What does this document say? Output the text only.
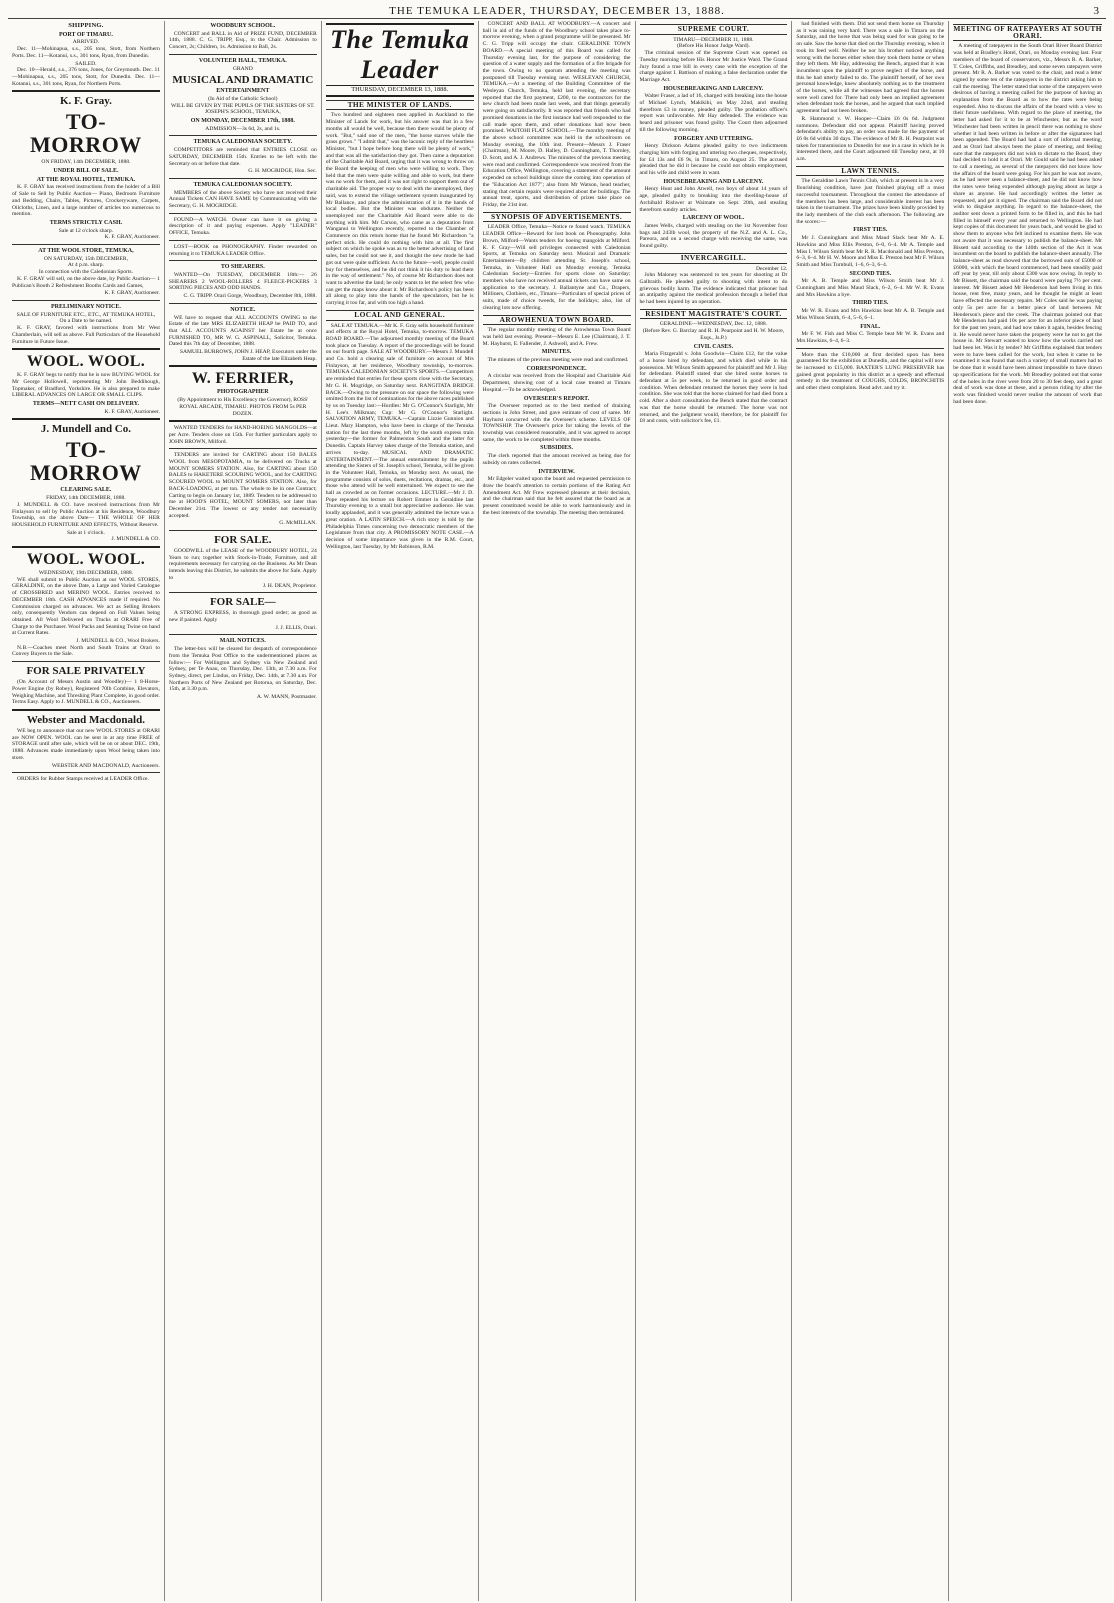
THE TEMUKA LEADER, THURSDAY, DECEMBER 13, 1888.	3
SHIPPING.
PORT OF TIMARU.
ARRIVED.
Dec. 11—Mohinapua, s.s., 205 tons, Stott, from Northern Ports. Dec. 11—Kotanui, s.s., 301 tons, Ryan, from Dunedin.
SAILED.
Dec. 10—Herald, s.s., 376 tons, Jones, for Greymouth. Dec. 11—Mohinapua, s.s., 205 tons, Stott, for Dunedin. Dec. 11—Kotanui, s.s., 301 tons, Ryan, for Northern Ports.
K. F. Gray.
TO-MORROW
ON FRIDAY, 14th DECEMBER, 1888.
UNDER BILL OF SALE.
AT THE ROYAL HOTEL, TEMUKA.
K. F. GRAY has received instructions from the holder of a Bill of Sale to Sell by Public Auction— Piano, Bedroom Furniture and Bedding, Chairs, Tables, Pictures, Crockeryware, Carpets, Oilcloths, Linen, and a large number of articles too numerous to mention.
TERMS STRICTLY CASH.
Sale at 12 o'clock sharp.
K. F. GRAY, Auctioneer.
AT THE WOOL STORE, TEMUKA,
ON SATURDAY, 15th DECEMBER,
At 4 p.m. sharp.
In connection with the Caledonian Sports.
K. F. GRAY will sell, on the above date, by Public Auction— 1 Publican's Booth 2 Refreshment Booths Cards and Games,
K. F. GRAY, Auctioneer.
PRELIMINARY NOTICE.
SALE OF FURNITURE ETC., ETC., AT TEMUKA HOTEL,
On a Date to be named.
K. F. GRAY, favored with instructions from Mr West Chamberlain, will sell as above. Full Particulars of the Household Furniture in Future Issue.
WOOL. WOOL.
K. F. GRAY begs to notify that he is now BUYING WOOL for Mr George Hollowell, representing Mr John Beddihough, Topmaker, of Bradford, Yorkshire. He is also prepared to make LIBERAL ADVANCES ON LARGE OR SMALL CLIPS.
TERMS—NETT CASH ON DELIVERY.
K. F. GRAY, Auctioneer.
J. Mundell and Co.
TO-MORROW
CLEARING SALE.
FRIDAY, 14th DECEMBER, 1888.
J. MUNDELL & CO. have received instructions from Mr Finlayson to sell by Public Auction at his Residence, Woodbury Township, on the above Date— THE WHOLE OF HER HOUSEHOLD FURNITURE AND EFFECTS, Without Reserve.
Sale at 1 o'clock.
J. MUNDELL & CO.
WOOL. WOOL.
WEDNESDAY, 19th DECEMBER, 1888.
WE shall submit to Public Auction at our WOOL STORES, GERALDINE, on the above Date, a Large and Varied Catalogue of CROSSBRED and MERINO WOOL. Entries received to DECEMBER 18th. CASH ADVANCES made if required. No Commission charged on advances. We act as Selling Brokers only, consequently Vendors can depend on Full Values being obtained. All Wool Delivered on Trucks at ORARI Free of Charge to the Purchaser. Wool Packs and Seaming Twine on hand at Current Rates.
J. MUNDELL & CO., Wool Brokers.
N.B.—Coaches meet North and South Trains at Orari to Convey Buyers to the Sale.
FOR SALE PRIVATELY
(On Account of Messrs Austin and Woodley)— 1 8-Horse-Power Engine (by Robey), Registered 70lb Combine, Elevators, Weighing Machine, and Threshing Plant Complete, in good order. Terms Easy. Apply to J. MUNDELL & CO., Auctioneers.
Webster and Macdonald.
WE beg to announce that our new WOOL STORES at ORARI are NOW OPEN. WOOL can be sent in at any time FREE of STORAGE until after sale, which will be on or about DEC. 19th, 1888. Advances made immediately upon Wool being taken into store.
WEBSTER AND MACDONALD, Auctioneers.
ORDERS for Rubber Stamps received at LEADER Office.
WOODBURY SCHOOL.
CONCERT and BALL in Aid of PRIZE FUND, DECEMBER 14th, 1888. C. G. TRIPP, Esq., in the Chair. Admission to Concert, 2s; Children, 1s. Admission to Ball, 2s.
VOLUNTEER HALL, TEMUKA.
GRAND
MUSICAL AND DRAMATIC
ENTERTAINMENT
(In Aid of the Catholic School)
WILL BE GIVEN BY THE PUPILS OF THE SISTERS OF ST. JOSEPH'S SCHOOL, TEMUKA,
ON MONDAY, DECEMBER 17th, 1888.
ADMISSION—3s 6d, 2s, and 1s.
TEMUKA CALEDONIAN SOCIETY.
COMPETITORS are reminded that ENTRIES CLOSE on SATURDAY, DECEMBER 15th. Entries to be left with the Secretary on or before that date.
G. H. MOGRIDGE, Hon. Sec.
TEMUKA CALEDONIAN SOCIETY.
MEMBERS of the above Society who have not received their Annual Tickets CAN HAVE SAME by Communicating with the Secretary, G. H. MOGRIDGE.
FOUND—A WATCH. Owner can have it on giving a description of it and paying expenses. Apply "LEADER" OFFICE, Temuka.
LOST—BOOK on PHONOGRAPHY. Finder rewarded on returning it to TEMUKA LEADER Office.
TO SHEARERS.
WANTED—On TUESDAY, DECEMBER 18th:— 26 SHEARERS 2 WOOL-ROLLERS 4 FLEECE-PICKERS 3 SORTING PIECES AND ODD HANDS.
C. G. TRIPP. Orari Gorge, Woodbury, December 8th, 1888.
NOTICE.
WE have to request that ALL ACCOUNTS OWING to the Estate of the late MRS ELIZABETH HEAP be PAID TO, and that ALL ACCOUNTS AGAINST her Estate be at once FURNISHED TO, MR W. G. ASPINALL, Solicitor, Temuka. Dated this 7th day of December, 1888.
SAMUEL BURROWS, JOHN J. HEAP, Executors under the Estate of the late Elizabeth Heap.
W. FERRIER,
PHOTOGRAPHER
(By Appointment to His Excellency the Governor), ROSS' ROYAL ARCADE, TIMARU. PHOTOS FROM 5s PER DOZEN.
WANTED TENDERS for HAND-HOEING MANGOLDS—at per Acre. Tenders close on 15th. For further particulars apply to JOHN BROWN, Milford.
TENDERS are invited for CARTING about 150 BALES WOOL from MESOPOTAMIA, to be delivered on Trucks at MOUNT SOMERS STATION. Also, for CARTING about 150 BALES to HAKETERE SCOURING WOOL, and for CARTING SCOURED WOOL to MOUNT SOMERS STATION. Also, for BACK-LOADING, at per ton. The whole to be in one Contract; Carting to begin on January 1st, 1889. Tenders to be addressed to me at HOOD'S HOTEL, MOUNT SOMERS, not later than December 21st. The lowest or any tender not necessarily accepted.
G. McMILLAN.
FOR SALE.
GOODWILL of the LEASE of the WOODBURY HOTEL, 24 Years to run; together with Stock-in-Trade, Furniture, and all requirements necessary for carrying on the Business. As Mr Dean intends leaving this District, he submits the above for Sale. Apply to
J. H. DEAN, Proprietor.
FOR SALE—
A STRONG EXPRESS, in thorough good order; as good as new if painted. Apply
J. J. ELLIS, Orari.
MAIL NOTICES.
The letter-box will be cleared for despatch of correspondence from the Temuka Post Office to the undermentioned places as follow:— For Wellington and Sydney via New Zealand and Sydney, per Te Anau, on Thursday, Dec. 13th, at 7.30 a.m. For Sydney, direct, per Lindus, on Friday, Dec. 14th, at 7.30 a.m. For Northern Ports of New Zealand per Rotorua, on Saturday, Dec. 15th, at 3.30 p.m.
A. W. MANN, Postmaster.
The Temuka Leader
THURSDAY, DECEMBER 13, 1888.
THE MINISTER OF LANDS.
Two hundred and eighteen men applied in Auckland to the Minister of Lands for work, but his answer was that in a few months all would be well, because then there would be plenty of work. "But," said one of the men, "the horse starves while the grass grows." "I admit that," was the laconic reply of the heartless Minister, "but I hope before long there will be plenty of work," and that was all the satisfaction they got. Then came a deputation of the Charitable Aid Board, urging that it was wrong to throw on the Board the keeping of men who were willing to work. They held that the men were quite willing and able to work, but there was no work for them, and it was not right to support them out of charitable aid. The proper way to deal with the unemployed, they said, was to extend the village settlement system inaugurated by Mr Ballance, and place the administration of it in the hands of local bodies. But the Minister was obdurate. Neither the unemployed nor the Charitable Aid Board were able to do anything with him. Mr Carson, who came as a deputation from Wanganui to Wellington recently, reported to the Chamber of Commerce on this return home that he found Mr Richardson "a perfect stick. He could do nothing with him at all. The first subject on which he spoke was as to the better advertising of land sales, but he could not see it, and thought the new mode he had got out were quite sufficient. As to the future—well, people could buy for themselves, and he did not think it his duty to lead them in the way of settlement." No, of course Mr Richardson does not want to advertise the land; he only wants to let the select few who can get the maps know about it. Mr Richardson's policy has been all along to play into the hands of the speculators, but he is carrying it too far, and with too high a hand.
LOCAL AND GENERAL.
SALE AT TEMUKA.—Mr K. F. Gray sells household furniture and effects at the Royal Hotel, Temuka, to-morrow. TEMUKA ROAD BOARD.—The adjourned monthly meeting of the Board took place on Tuesday. A report of the proceedings will be found on our fourth page. SALE AT WOODBURY.—Messrs J. Mundell and Co. hold a clearing sale of furniture on account of Mrs Finlayson, at her residence, Woodbury township, to-morrow. TEMUKA CALEDONIAN SOCIETY'S SPORTS.—Competitors are reminded that entries for these sports close with the Secretary, Mr G. H. Mogridge, on Saturday next. RANGITATA BRIDGE BACK.—Owing to the pressure on our space the following were omitted from the list of nominations for the above races published by us on Tuesday last:—Hurdles: Mr G. O'Connor's Starlight, Mr H. Lee's Milkman; Cup: Mr G. O'Connor's Starlight. SALVATION ARMY, TEMUKA.—Captain Lizzie Gunnion and Lieut. Mary Hampton, who have been in charge of the Temuka station for the last three months, left by the south express train yesterday—the former for Palmerston South and the latter for Dunedin. Captain Harvey takes charge of the Temuka station, and arrives to-day. MUSICAL AND DRAMATIC ENTERTAINMENT.—The annual entertainment by the pupils attending the Sisters of St. Joseph's school, Temuka, will be given in the Volunteer Hall, Temuka, on Monday next. As usual, the programme consists of solos, duets, recitations, dramas, etc., and those who attend will be well entertained. We expect to see the hall as crowded as on former occasions. LECTURE.—Mr J. D. Pope repeated his lecture on Robert Emmet in Geraldine last Thursday evening to a small but appreciative audience. He was loudly applauded, and it was generally admitted the lecture was a great oration. A LATIN SPEECH.—A rich story is told by the Philadelphia Times concerning two democratic members of the Legislature from that city. A PROMISSORY NOTE CASE.—A decision of some importance was given in the R.M. Court, Wellington, last Tuesday, by Mr Robinson, R.M.
CONCERT AND BALL AT WOODBURY.—A concert and ball in aid of the funds of the Woodbury school takes place to-morrow evening, when a grand programme will be presented. Mr C. G. Tripp will occupy the chair. GERALDINE TOWN BOARD.—A special meeting of this Board was called for Thursday evening last, for the purpose of considering the question of a water supply and the formation of a fire brigade for the town. Owing to no quorum attending the meeting was postponed till Tuesday evening next. WESLEYAN CHURCH, TEMUKA.—At a meeting of the Building Committee of the Wesleyan Church, Temuka, held last evening, the secretary reported that the first payment, £200, to the contractors for the new church had been made last week, and that things generally were going on satisfactorily. It was reported that friends who had promised donations in the first instance had well responded to the call made upon them, and other donations had now been promised. WAITOHI FLAT SCHOOL.—The monthly meeting of the above school committee was held in the schoolroom on Monday evening, the 10th inst. Present—Messrs J. Fraser (Chairman), M. Moore, D. Halley, D. Cunningham, T. Thornley, D. Scott, and A. J. Andrews. The minutes of the previous meeting were read and confirmed. Correspondence was received from the Education Office, Wellington, covering a statement of the amount expended on school buildings since the coming into operation of the "Education Act 1877"; also from Mr Watson, head teacher, stating that certain repairs were required about the buildings. The annual treat, sports, and distribution of prizes take place on Friday, the 21st inst.
SYNOPSIS OF ADVERTISEMENTS.
LEADER Office, Temuka—Notice re found watch. TEMUKA LEADER Office—Reward for lost book on Phonography. John Brown, Milford—Wants tenders for hoeing mangolds at Milford. K. F. Gray—Will sell privileges connected with Caledonian Sports, at Temuka on Saturday next. Musical and Dramatic Entertainment—By children attending St. Joseph's school, Temuka, in Volunteer Hall on Monday evening. Temuka Caledonian Society—Entries for sports close on Saturday; members who have not received annual tickets can have same on application to the secretary. J. Ballantyne and Co., Drapers, Milliners, Clothiers, etc., Timaru—Particulars of special prices of suits, made of choice tweeds, for the holidays; also, list of clearing lots now offering.
AROWHENUA TOWN BOARD.
The regular monthly meeting of the Arowhenua Town Board was held last evening. Present—Messrs E. Lee (Chairman), J. T. M. Hayhurst, E. Fallender, J. Ashwell, and A. Frew.
MINUTES.
The minutes of the previous meeting were read and confirmed.
CORRESPONDENCE.
A circular was received from the Hospital and Charitable Aid Department, showing cost of a local case treated at Timaru Hospital.—To be acknowledged.
OVERSEER'S REPORT.
The Overseer reported as to the best method of draining sections in John Street, and gave estimate of cost of same. Mr Hayhurst concurred with the Overseer's scheme. LEVELS OF TOWNSHIP. The Overseer's price for taking the levels of the township was considered reasonable, and it was agreed to accept same, the work to be completed within three months.
SUBSIDIES.
The clerk reported that the amount received as being due for subsidy on rates collected.
INTERVIEW.
Mr Edgeler waited upon the board and requested permission to draw the board's attention to certain portions of the Rating Act Amendment Act. Mr Frew expressed pleasure at their decision, and the chairman said that he felt assured that the board as at present constituted would be able to work harmoniously and in the best interests of the township. The meeting then terminated.
SUPREME COURT.
TIMARU—DECEMBER 11, 1888.
(Before His Honor Judge Ward).
The criminal session of the Supreme Court was opened on Tuesday morning before His Honor Mr Justice Ward. The Grand Jury found a true bill in every case with the exception of the charge against I. Battison of making a false declaration under the Marriage Act.
HOUSEBREAKING AND LARCENY.
Walter Fraser, a lad of 16, charged with breaking into the house of Michael Lynch, Makikihi, on May 22nd, and stealing therefrom £3 in money, pleaded guilty. The probation officer's report was unfavorable. Mr Hay defended. The evidence was heard and prisoner was found guilty. The Court then adjourned till the following morning.
FORGERY AND UTTERING.
Henry Dickson Adams pleaded guilty to two indictments charging him with forging and uttering two cheques, respectively, for £4 13s and £6 9s, in Timaru, on August 25. The accused pleaded that he did it because he could not obtain employment, and his wife and child were in want.
HOUSEBREAKING AND LARCENY.
Henry Hunt and John Atwell, two boys of about 14 years of age, pleaded guilty to breaking into the dwelling-house of Archibald Rishwer at Waimate on Sept. 20th, and stealing therefrom sundry articles.
LARCENY OF WOOL.
James Wells, charged with stealing on the 1st November four bags and 243lb wool, the property of the N.Z. and A. L. Co., Pareora, and on a second charge with receiving the same, was found guilty.
INVERCARGILL.
December 12.
John Maloney was sentenced to ten years for shooting at Dr Galbraith. He pleaded guilty to shooting with intent to do grievous bodily harm. The evidence indicated that prisoner had an antipathy against the medical profession through a belief that he had been injured by an operation.
RESIDENT MAGISTRATE'S COURT.
GERALDINE—WEDNESDAY, Dec. 12, 1888.
(Before Rev. G. Barclay and R. H. Pearpoint and H. W. Moore, Esqs., Js.P.)
CIVIL CASES.
Maria Fitzgerald v. John Goodwin—Claim £12, for the value of a horse hired by defendant, and which died while in his possession. Mr Wilson Smith appeared for plaintiff and Mr J. Hay for defendant. Plaintiff stated that she hired some horses to defendant at 5s per week, to be returned in good order and condition. When defendant returned the horses they were in bad condition. She was told that the horse claimed for had died from a cold. After a short consultation the Bench stated that the contract was that the horse should be returned. The horse was not returned, and the judgment would, therefore, be for plaintiff for £8 and costs, with solicitor's fee, £1.
had finished with them. Did not send them home on Thursday as it was raining very hard. There was a sale in Timaru on the Saturday, and the horse that was being sued for was going to be on sale. Saw the horse that died on the Thursday evening, when it took its feed well. Neither he nor his brother noticed anything wrong with the horses either when they took them home or when they left them. Mr Hay, addressing the Bench, argued that it was incumbent upon the plaintiff to prove neglect of the horse, and this he had utterly failed to do. The plaintiff herself, of her own personal knowledge, knew absolutely nothing as to the treatment of the horses, while all the witnesses had agreed that the horses were well cared for. There had only been an implied agreement when defendant took the horses, and he argued that such implied agreement had not been broken.
R. Hammond v. W. Hooper—Claim £6 0s 6d. Judgment summons. Defendant did not appear. Plaintiff having proved defendant's ability to pay, an order was made for the payment of £6 0s 6d within 30 days. The evidence of Mr R. H. Pearpoint was taken for transmission to Dunedin for use in a case in which he is interested there, and the Court adjourned till Tuesday next, at 10 a.m.
LAWN TENNIS.
The Geraldine Lawn Tennis Club, which at present is in a very flourishing condition, have just finished playing off a most successful tournament. Throughout the contest the attendance of the members has been large, and considerable interest has been taken in the tournament. The prizes have been kindly provided by the lady members of the club each afternoon. The following are the scores:—
FIRST TIES.
Mr J. Cunningham and Miss Maud Slack beat Mr A. E. Hawkins and Miss Ellis Preston, 6–0, 6–4. Mr A. Temple and Miss I. Wilson Smith beat Mr R. R. Macdonald and Miss Preston, 6–3, 6–4. Mr H. W. Moore and Miss E. Preston beat Mr F. Wilson Smith and Miss Turnbull, 1–6, 6–3, 6–4.
SECOND TIES.
Mr A. B. Temple and Miss Wilson Smith beat Mr J. Cunningham and Miss Maud Slack, 6–2, 6–4. Mr W. R. Evans and Mrs Hawkins a bye.
THIRD TIES.
Mr W. R. Evans and Mrs Hawkins beat Mr A. B. Temple and Miss Wilson Smith, 6–4, 5–6, 6–1.
FINAL.
Mr F. W. Fish and Miss C. Temple beat Mr W. R. Evans and Mrs Hawkins, 6–4, 6–3.
More than the £10,000 at first decided upon has been guaranteed for the exhibition at Dunedin, and the capital will now be increased to £15,000. BAXTER'S LUNG PRESERVER has gained great popularity in this district as a speedy and effectual remedy in the treatment of COUGHS, COLDS, BRONCHITIS and other chest complaints. Read advt. and try it.
MEETING OF RATEPAYERS AT SOUTH ORARI.
A meeting of ratepayers in the South Orari River Board District was held at Bradley's Hotel, Orari, on Monday evening last. Four members of the board of conservators, viz., Messrs R. A. Barker, T. Coles, Griffiths, and Breadley, and some seven ratepayers were present. Mr R. A. Barker was voted to the chair, and read a letter signed by some ten of the ratepayers in the district asking him to call the meeting. The letter stated that some of the ratepayers were desirous of having a meeting called for the purpose of having an explanation from the Board as to how the rates were being expended. Also to discuss the affairs of the board with a view to their future usefulness. With regard to the place of meeting, the letter had asked for it to be at Winchester, but as the word Winchester had been written in pencil there was nothing to show whether it had been written in before or after the signatures had been appended. The Board had had a sort of informal meeting, and as Orari had always been the place of meeting, and feeling sure that the ratepayers did not wish to dictate to the Board, they had decided to hold it at Orari. Mr Gould said he had been asked to call a meeting, as several of the ratepayers did not know how the affairs of the board were going. For his part he was not aware, as he had never seen a balance-sheet, and he did not know how the rates were being expended although paying about as large a share as anyone. He had accordingly written the letter as requested, and got it signed. The chairman said the Board did not wish to disguise anything. In regard to the balance-sheet, the auditor sent down a printed form to be filled in, and this he had filled in himself every year and returned to Wellington. He had kept copies of this document for years back, and would be glad to show them to anyone who felt inclined to examine them. He was not aware that it was necessary to publish the balance-sheet. Mr Bissett said according to the 140th section of the Act it was incumbent on the board to publish the balance-sheet annually. The balance-sheet as read showed that the borrowed sum of £5000 or £6000, with which the board commenced, had been steadily paid off year by year, till only about £300 was now owing. In reply to Mr Bissett, the chairman said the board were paying 7½ per cent. interest. Mr Bissett asked Mr Henderson had been living in this house, rent free, many years, and he thought he might at least have effected the necessary repairs. Mr Coles said he was paying only 5s per acre for a better piece of land between Mr Henderson's piece and the creek. The chairman pointed out that Mr Henderson had paid 10s per acre for an inferior piece of land for the past ten years, and had now taken it again, besides fencing it. He would never have taken the property were he not to get the house in. Mr Stewart wanted to know how the works carried out had been let. Was it by tender? Mr Griffiths explained that tenders were to have been called for the work, but when it came to be examined it was found that such a variety of small matters had to be done that it would have been almost impossible to have drawn up specifications for the work. Mr Breadley pointed out that some of the holes in the river were from 20 to 30 feet deep, and a great deal of work was done at these, and a person riding by after the work was finished would never realise the amount of work that had been done.
